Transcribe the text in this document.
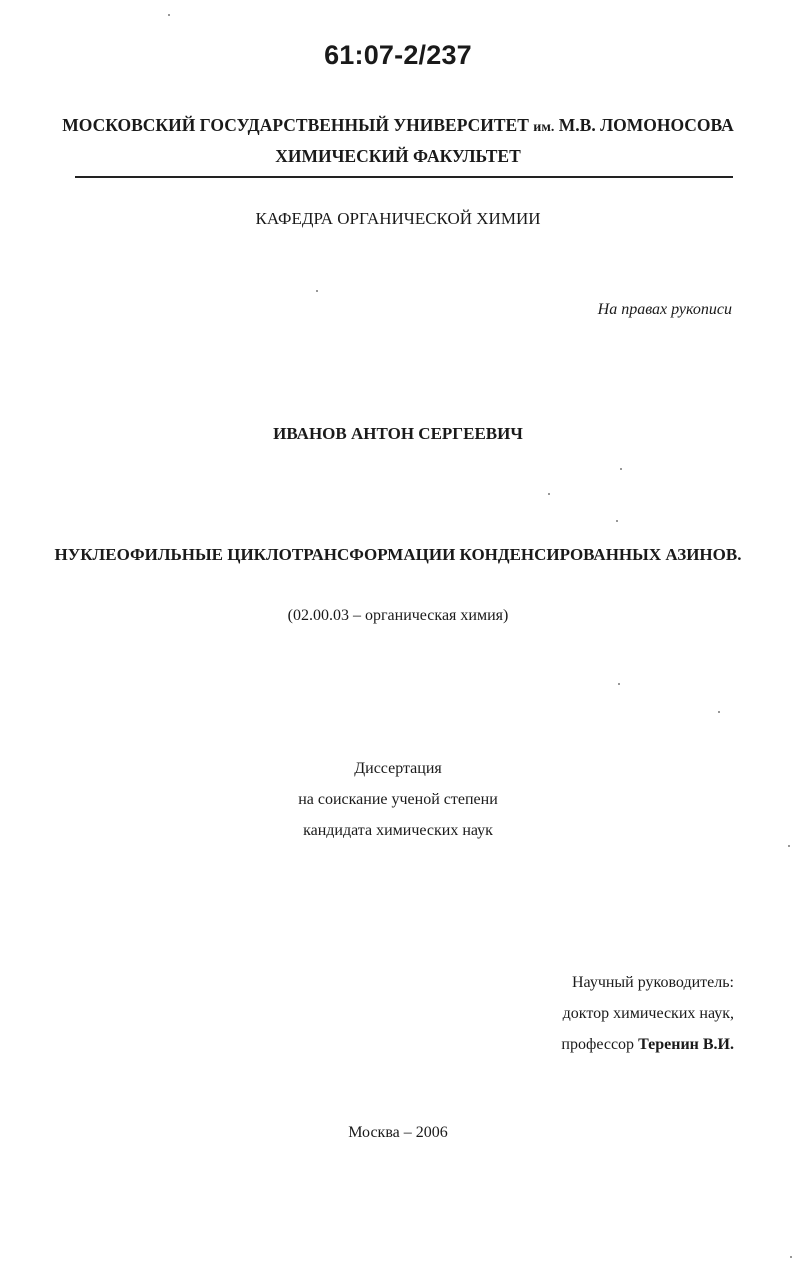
61:07-2/237
МОСКОВСКИЙ ГОСУДАРСТВЕННЫЙ УНИВЕРСИТЕТ им. М.В. ЛОМОНОСОВА
ХИМИЧЕСКИЙ ФАКУЛЬТЕТ
КАФЕДРА ОРГАНИЧЕСКОЙ ХИМИИ
На правах рукописи
ИВАНОВ АНТОН СЕРГЕЕВИЧ
НУКЛЕОФИЛЬНЫЕ ЦИКЛОТРАНСФОРМАЦИИ КОНДЕНСИРОВАННЫХ АЗИНОВ.
(02.00.03 – органическая химия)
Диссертация
на соискание ученой степени
кандидата химических наук
Научный руководитель:
доктор химических наук,
профессор Теренин В.И.
Москва – 2006
